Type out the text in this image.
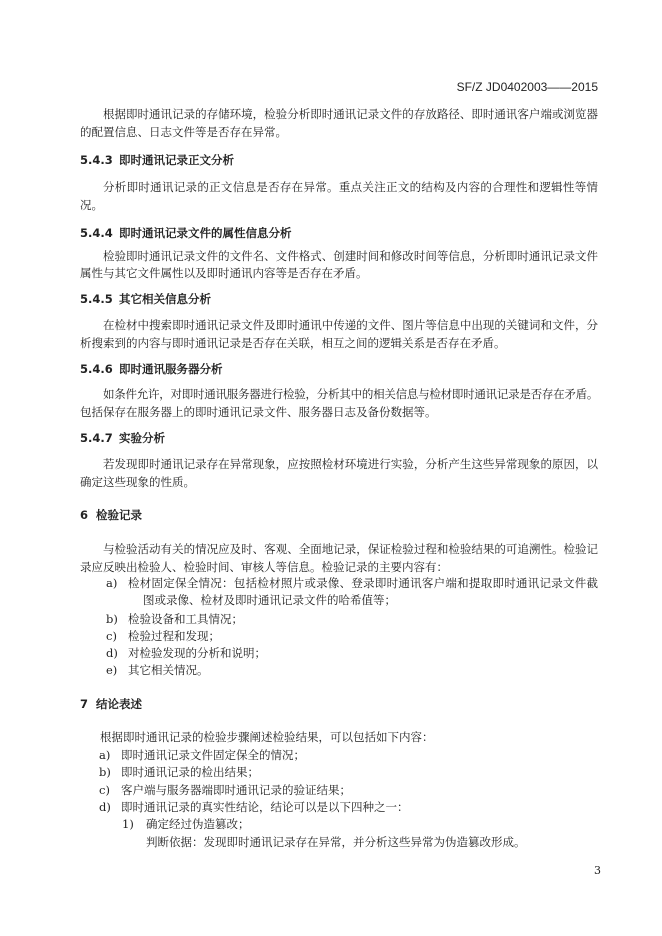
SF/Z JD0402003——2015
根据即时通讯记录的存储环境，检验分析即时通讯记录文件的存放路径、即时通讯客户端或浏览器
的配置信息、日志文件等是否存在异常。
5.4.3 即时通讯记录正文分析
分析即时通讯记录的正文信息是否存在异常。重点关注正文的结构及内容的合理性和逻辑性等情
况。
5.4.4 即时通讯记录文件的属性信息分析
检验即时通讯记录文件的文件名、文件格式、创建时间和修改时间等信息，分析即时通讯记录文件
属性与其它文件属性以及即时通讯内容等是否存在矛盾。
5.4.5 其它相关信息分析
在检材中搜索即时通讯记录文件及即时通讯中传递的文件、图片等信息中出现的关键词和文件，分
析搜索到的内容与即时通讯记录是否存在关联，相互之间的逻辑关系是否存在矛盾。
5.4.6 即时通讯服务器分析
如条件允许，对即时通讯服务器进行检验，分析其中的相关信息与检材即时通讯记录是否存在矛盾。
包括保存在服务器上的即时通讯记录文件、服务器日志及备份数据等。
5.4.7 实验分析
若发现即时通讯记录存在异常现象，应按照检材环境进行实验，分析产生这些异常现象的原因，以
确定这些现象的性质。
6 检验记录
与检验活动有关的情况应及时、客观、全面地记录，保证检验过程和检验结果的可追溯性。检验记
录应反映出检验人、检验时间、审核人等信息。检验记录的主要内容有：
a) 检材固定保全情况：包括检材照片或录像、登录即时通讯客户端和提取即时通讯记录文件截
图或录像、检材及即时通讯记录文件的哈希值等；
b) 检验设备和工具情况；
c) 检验过程和发现；
d) 对检验发现的分析和说明；
e) 其它相关情况。
7 结论表述
根据即时通讯记录的检验步骤阐述检验结果，可以包括如下内容：
a) 即时通讯记录文件固定保全的情况；
b) 即时通讯记录的检出结果；
c) 客户端与服务器端即时通讯记录的验证结果；
d) 即时通讯记录的真实性结论，结论可以是以下四种之一：
1) 确定经过伪造篡改；
判断依据：发现即时通讯记录存在异常，并分析这些异常为伪造篡改形成。
3
